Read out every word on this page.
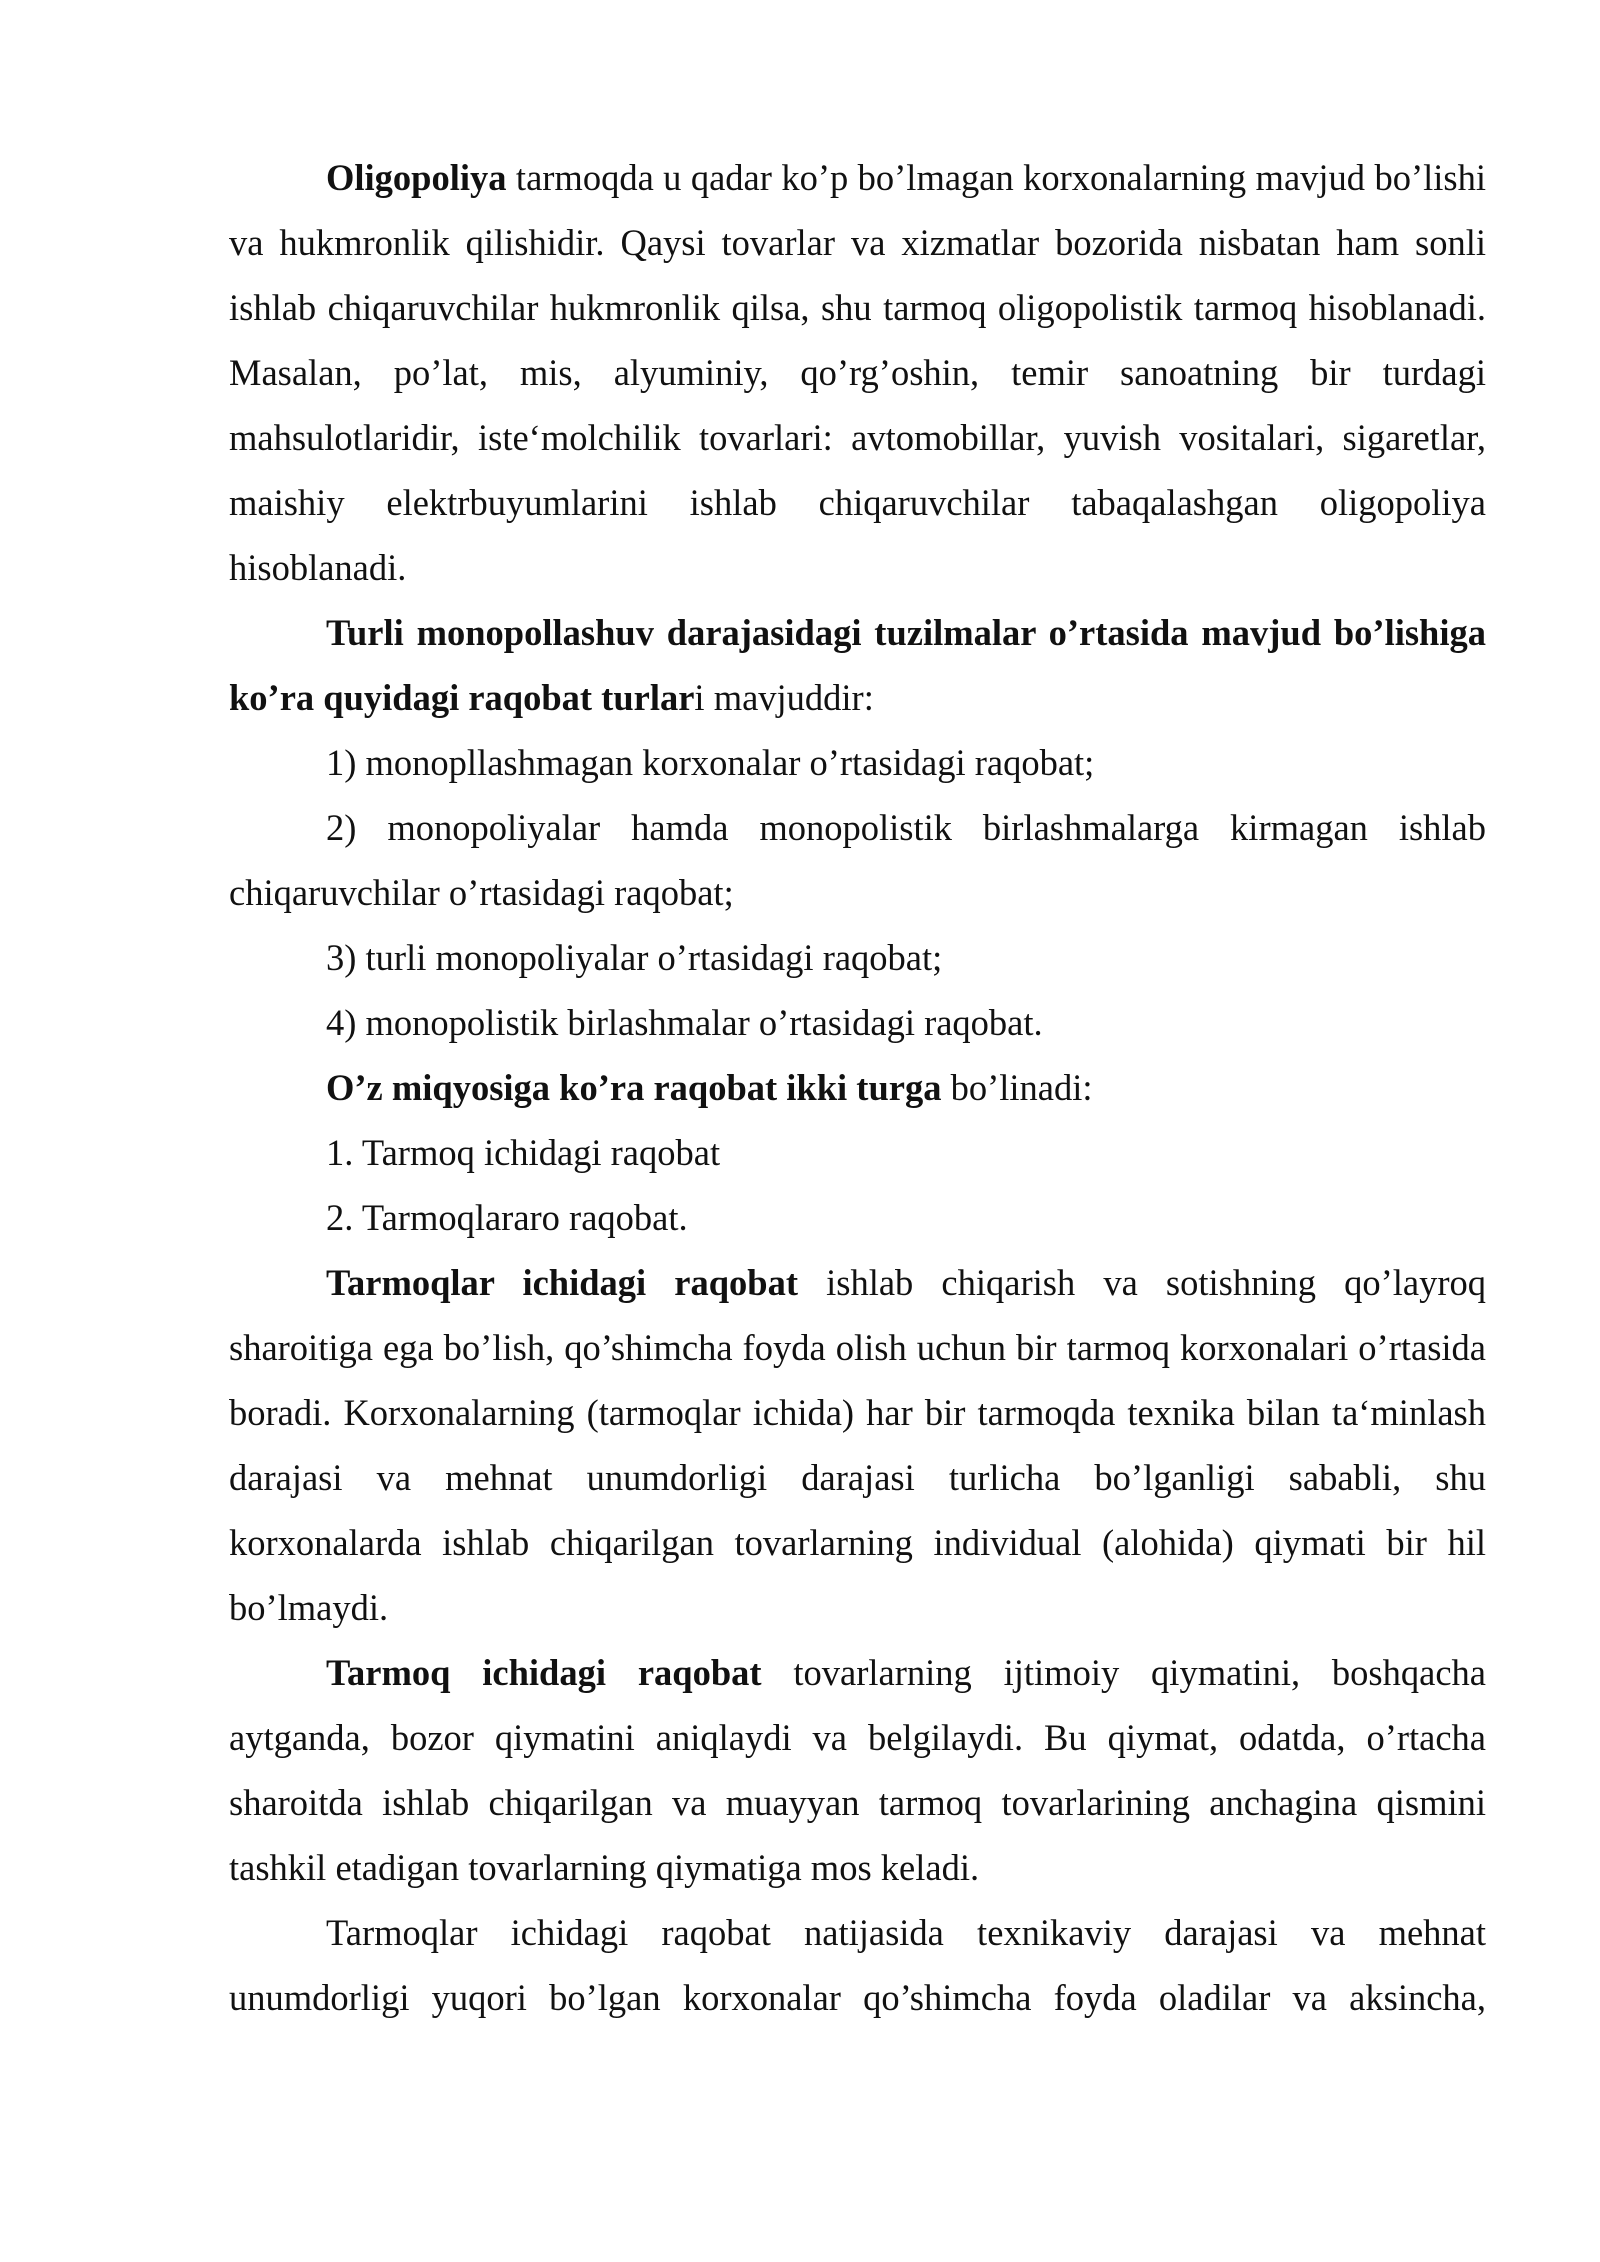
Oligopoliya tarmoqda u qadar ko’p bo’lmagan korxonalarning mavjud bo’lishi va hukmronlik qilishidir. Qaysi tovarlar va xizmatlar bozorida nisbatan ham sonli ishlab chiqaruvchilar hukmronlik qilsa, shu tarmoq oligopolistik tarmoq hisoblanadi. Masalan, po’lat, mis, alyuminiy, qo’rg’oshin, temir sanoatning bir turdagi mahsulotlaridir, iste‘molchilik tovarlari: avtomobillar, yuvish vositalari, sigaretlar, maishiy elektrbuyumlarini ishlab chiqaruvchilar tabaqalashgan oligopoliya hisoblanadi.

Turli monopollashuv darajasidagi tuzilmalar o’rtasida mavjud bo’lishiga ko’ra quyidagi raqobat turlari mavjuddir:

1) monopllashmagan korxonalar o’rtasidagi raqobat;

2) monopoliyalar hamda monopolistik birlashmalarga kirmagan ishlab chiqaruvchilar o’rtasidagi raqobat;

3) turli monopoliyalar o’rtasidagi raqobat;

4) monopolistik birlashmalar o’rtasidagi raqobat.

O’z miqyosiga ko’ra raqobat ikki turga bo’linadi:

1. Tarmoq ichidagi raqobat

2. Tarmoqlararo raqobat.

Tarmoqlar ichidagi raqobat ishlab chiqarish va sotishning qo’layroq sharoitiga ega bo’lish, qo’shimcha foyda olish uchun bir tarmoq korxonalari o’rtasida boradi. Korxonalarning (tarmoqlar ichida) har bir tarmoqda texnika bilan ta‘minlash darajasi va mehnat unumdorligi darajasi turlicha bo’lganligi sababli, shu korxonalarda ishlab chiqarilgan tovarlarning individual (alohida) qiymati bir hil bo’lmaydi.

Tarmoq ichidagi raqobat tovarlarning ijtimoiy qiymatini, boshqacha aytganda, bozor qiymatini aniqlaydi va belgilaydi. Bu qiymat, odatda, o’rtacha sharoitda ishlab chiqarilgan va muayyan tarmoq tovarlarining anchagina qismini tashkil etadigan tovarlarning qiymatiga mos keladi.

Tarmoqlar ichidagi raqobat natijasida texnikaviy darajasi va mehnat unumdorligi yuqori bo’lgan korxonalar qo’shimcha foyda oladilar va aksincha,
